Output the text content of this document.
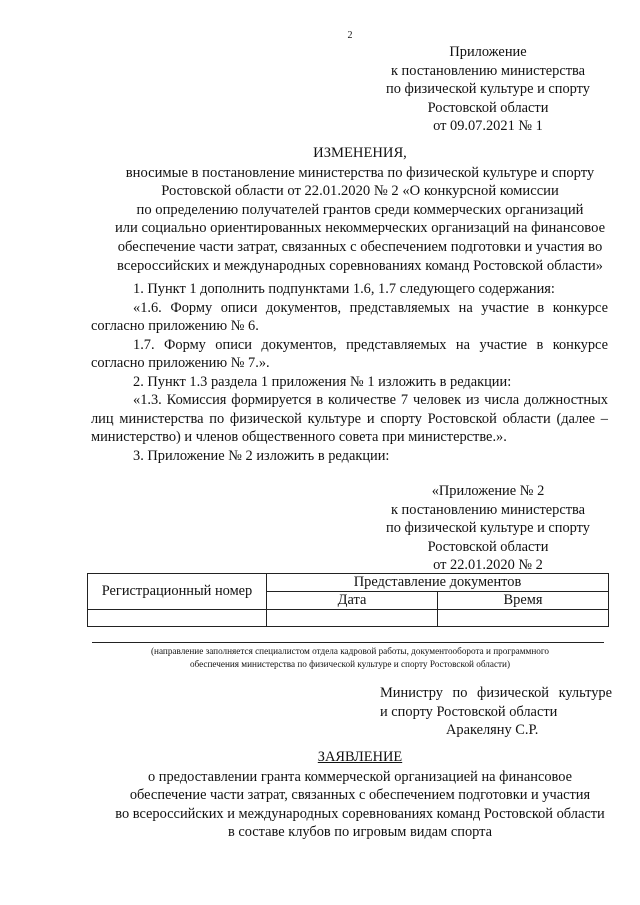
2
Приложение
к постановлению министерства
по физической культуре и спорту
Ростовской области
от 09.07.2021 № 1
ИЗМЕНЕНИЯ,
вносимые в постановление министерства по физической культуре и спорту
Ростовской области от 22.01.2020 № 2 «О конкурсной комиссии
по определению получателей грантов среди коммерческих организаций
или социально ориентированных некоммерческих организаций на финансовое
обеспечение части затрат, связанных с обеспечением подготовки и участия во
всероссийских и международных соревнованиях команд Ростовской области»

1. Пункт 1 дополнить подпунктами 1.6, 1.7 следующего содержания:

«1.6. Форму описи документов, представляемых на участие в конкурсе согласно приложению № 6.

1.7. Форму описи документов, представляемых на участие в конкурсе согласно приложению № 7.».

2. Пункт 1.3 раздела 1 приложения № 1 изложить в редакции:

«1.3. Комиссия формируется в количестве 7 человек из числа должностных лиц министерства по физической культуре и спорту Ростовской области (далее – министерство) и членов общественного совета при министерстве.».

3. Приложение № 2 изложить в редакции:

«Приложение № 2
к постановлению министерства
по физической культуре и спорту
Ростовской области
от 22.01.2020 № 2
Регистрационный номер	Представление документов	
	Дата	Время

(направление заполняется специалистом отдела кадровой работы, документооборота и программного
обеспечения министерства по физической культуре и спорту Ростовской области)
Министру по физической культуре
и спорту Ростовской области
Аракеляну С.Р.
ЗАЯВЛЕНИЕ
о предоставлении гранта коммерческой организацией на финансовое
обеспечение части затрат, связанных с обеспечением подготовки и участия
во всероссийских и международных соревнованиях команд Ростовской области
в составе клубов по игровым видам спорта
